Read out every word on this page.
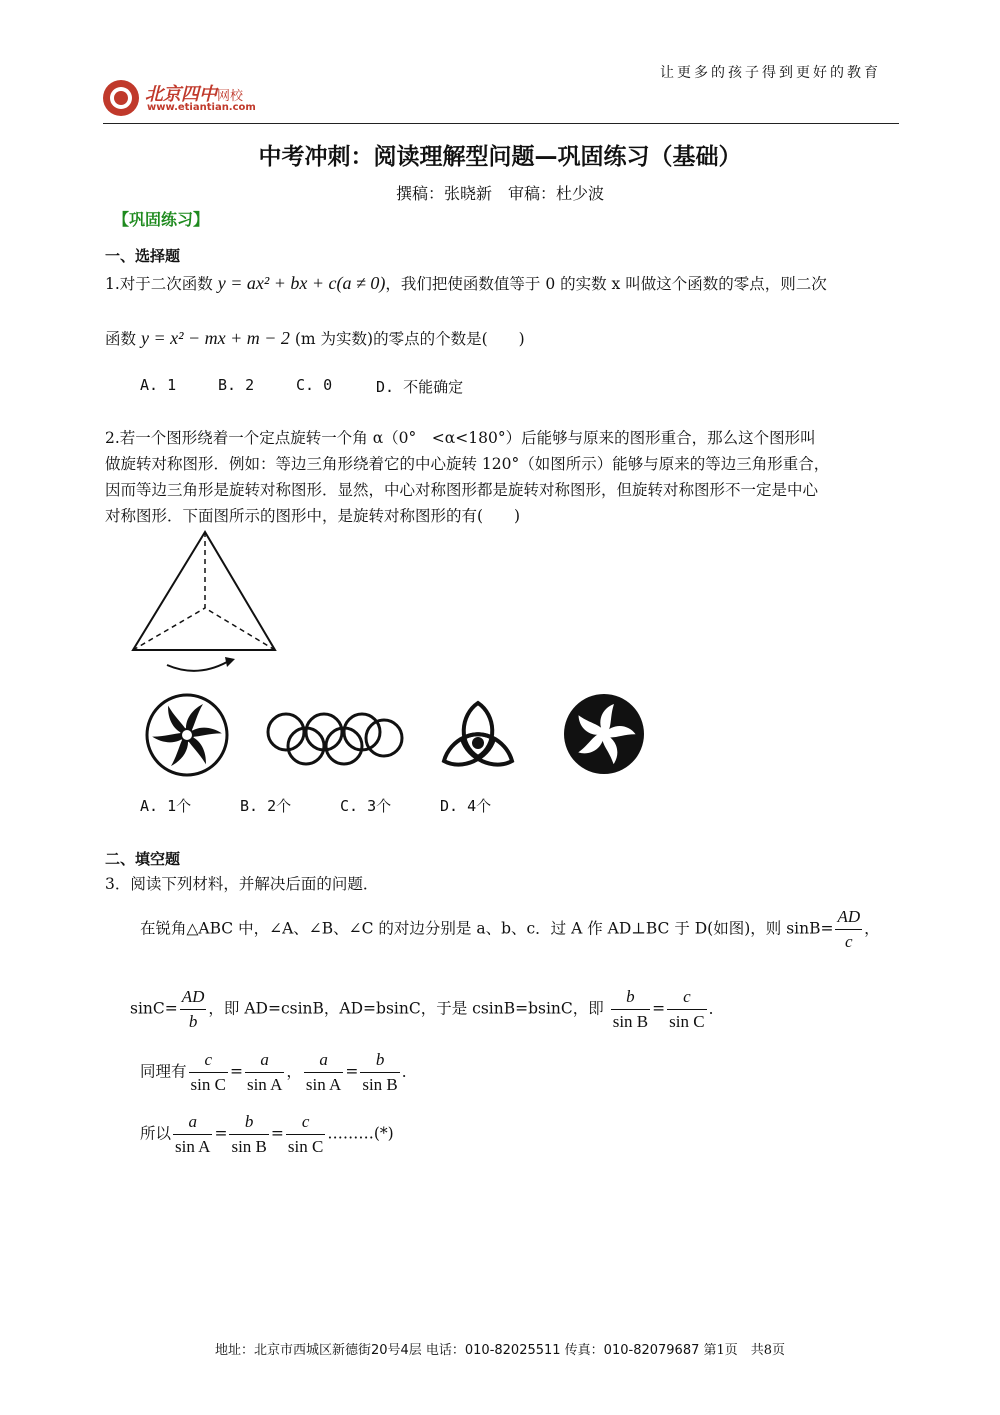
让更多的孩子得到更好的教育
北京四中网校
www.etiantian.com
中考冲刺：阅读理解型问题—巩固练习（基础）
撰稿：张晓新　审稿：杜少波
【巩固练习】
一、选择题
1.对于二次函数 y = ax² + bx + c(a ≠ 0)，我们把使函数值等于 0 的实数 x 叫做这个函数的零点，则二次
函数 y = x² − mx + m − 2 (m 为实数)的零点的个数是(　　)
A. 1	B. 2	C. 0	D. 不能确定
2.若一个图形绕着一个定点旋转一个角 α（0°　<α<180°）后能够与原来的图形重合，那么这个图形叫
做旋转对称图形．例如：等边三角形绕着它的中心旋转 120°（如图所示）能够与原来的等边三角形重合，
因而等边三角形是旋转对称图形．显然，中心对称图形都是旋转对称图形，但旋转对称图形不一定是中心
对称图形．下面图所示的图形中，是旋转对称图形的有(　　)
A. 1个	B. 2个	C. 3个	D. 4个
二、填空题
3．阅读下列材料，并解决后面的问题．
在锐角△ABC 中，∠A、∠B、∠C 的对边分别是 a、b、c．过 A 作 AD⊥BC 于 D(如图)，则 $\sin B= \frac{AD}{c}$ ，
$\sin C= \frac{AD}{b}$ ，即 AD=csinB，AD=bsinC，于是 csinB=bsinC，即 $\frac{b}{\text{sin B}} = \frac{c}{\text{sin C}}$ ．
同理有 $\frac{c}{\text{sin C}} = \frac{a}{\text{sin A}}$ ， $\frac{a}{\text{sin A}} = \frac{b}{\text{sin B}}$ ．
所以 $\frac{a}{\text{sin A}} = \frac{b}{\text{sin B}} = \frac{c}{\text{sin C}}$ ………(*)
地址：北京市西城区新德街20号4层 电话：010-82025511 传真：010-82079687 第1页　共8页
